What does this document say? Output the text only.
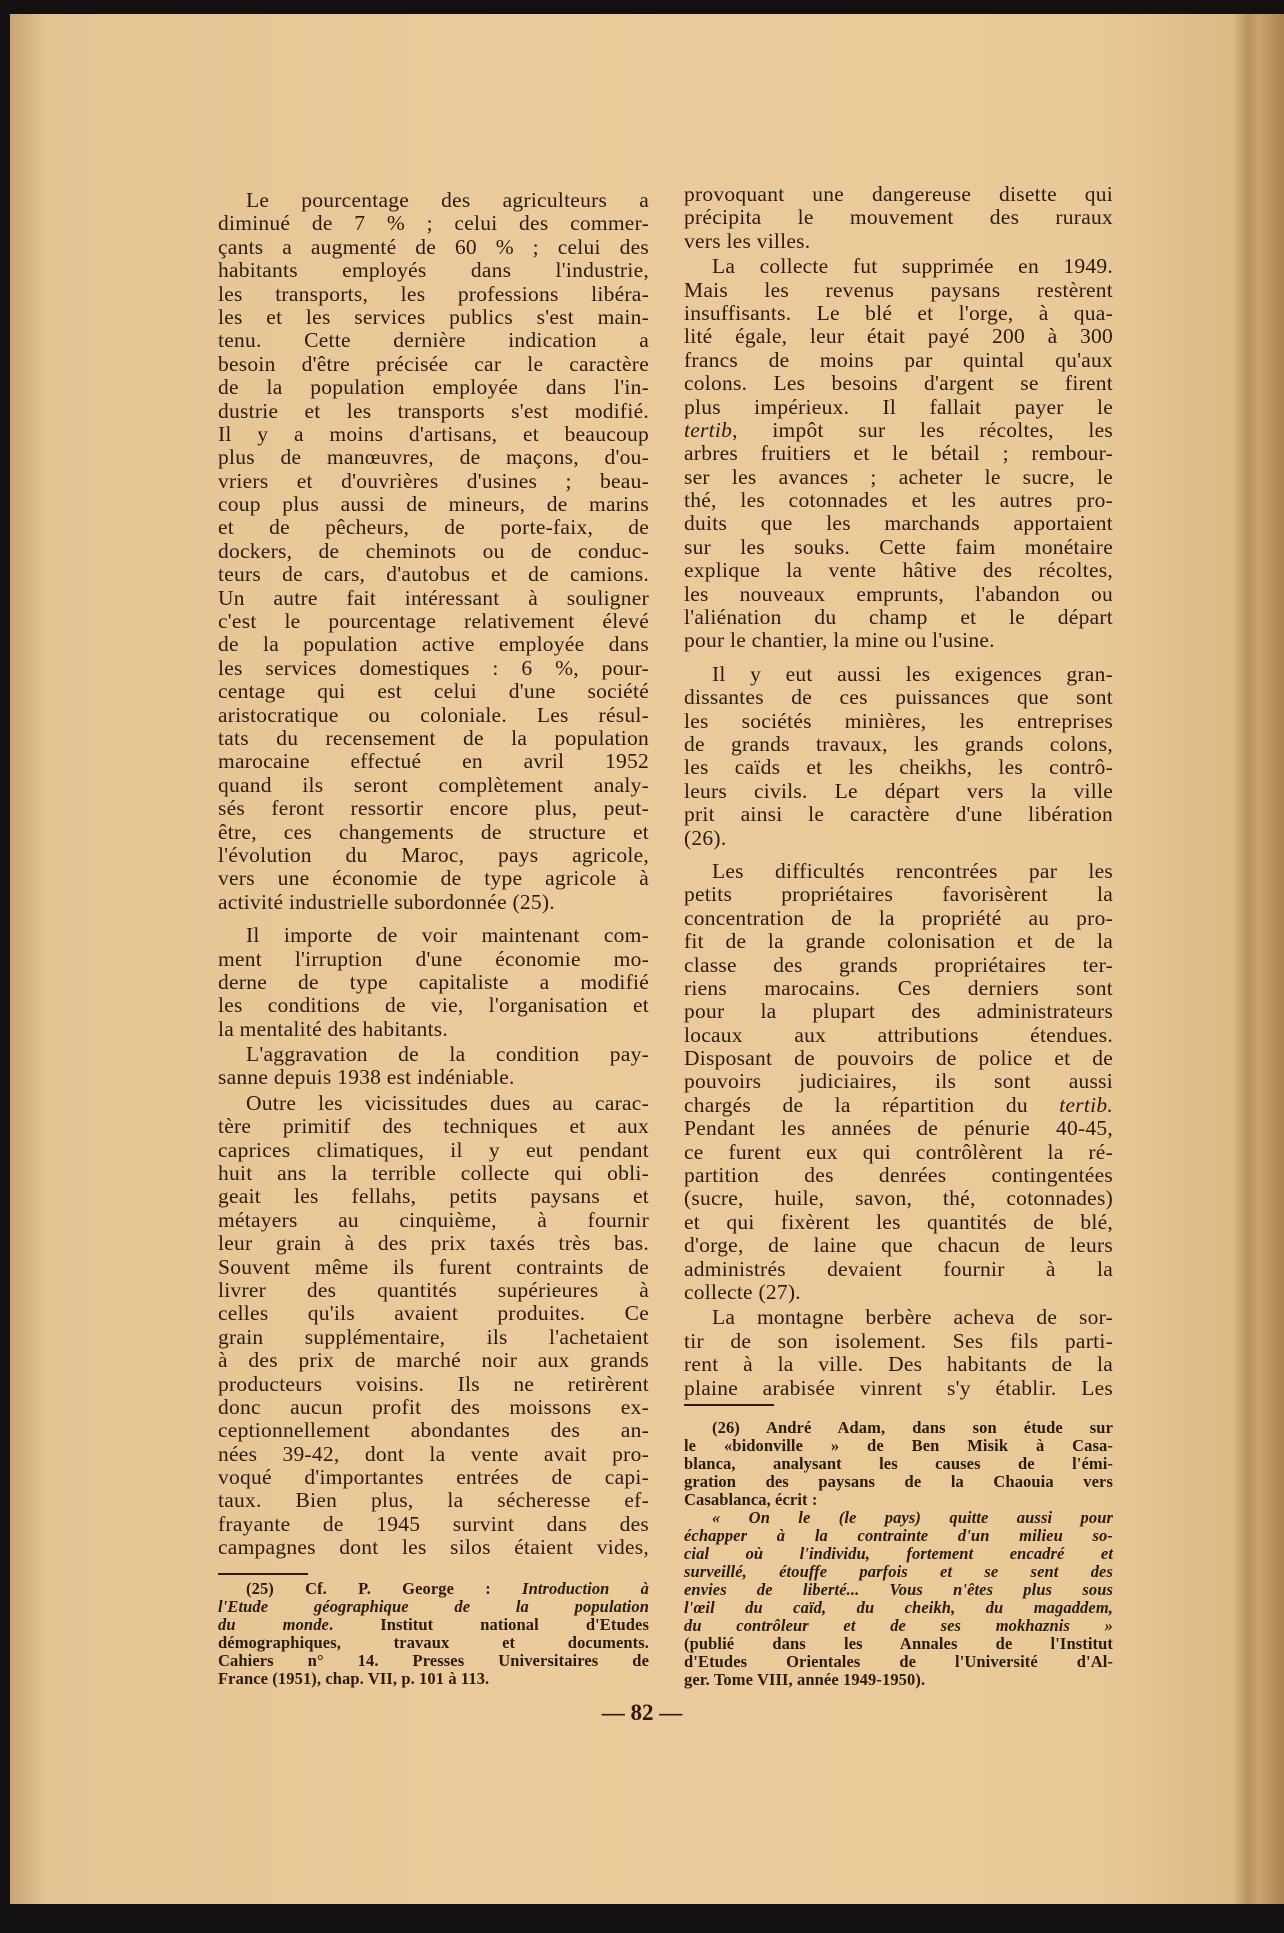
Le pourcentage des agriculteurs a
diminué de 7 % ; celui des commer-
çants a augmenté de 60 % ; celui des
habitants employés dans l'industrie,
les transports, les professions libéra-
les et les services publics s'est main-
tenu. Cette dernière indication a
besoin d'être précisée car le caractère
de la population employée dans l'in-
dustrie et les transports s'est modifié.
Il y a moins d'artisans, et beaucoup
plus de manœuvres, de maçons, d'ou-
vriers et d'ouvrières d'usines ; beau-
coup plus aussi de mineurs, de marins
et de pêcheurs, de porte-faix, de
dockers, de cheminots ou de conduc-
teurs de cars, d'autobus et de camions.
Un autre fait intéressant à souligner
c'est le pourcentage relativement élevé
de la population active employée dans
les services domestiques : 6 %, pour-
centage qui est celui d'une société
aristocratique ou coloniale. Les résul-
tats du recensement de la population
marocaine effectué en avril 1952
quand ils seront complètement analy-
sés feront ressortir encore plus, peut-
être, ces changements de structure et
l'évolution du Maroc, pays agricole,
vers une économie de type agricole à
activité industrielle subordonnée (25).
Il importe de voir maintenant com-
ment l'irruption d'une économie mo-
derne de type capitaliste a modifié
les conditions de vie, l'organisation et
la mentalité des habitants.
L'aggravation de la condition pay-
sanne depuis 1938 est indéniable.
Outre les vicissitudes dues au carac-
tère primitif des techniques et aux
caprices climatiques, il y eut pendant
huit ans la terrible collecte qui obli-
geait les fellahs, petits paysans et
métayers au cinquième, à fournir
leur grain à des prix taxés très bas.
Souvent même ils furent contraints de
livrer des quantités supérieures à
celles qu'ils avaient produites. Ce
grain supplémentaire, ils l'achetaient
à des prix de marché noir aux grands
producteurs voisins. Ils ne retirèrent
donc aucun profit des moissons ex-
ceptionnellement abondantes des an-
nées 39-42, dont la vente avait pro-
voqué d'importantes entrées de capi-
taux. Bien plus, la sécheresse ef-
frayante de 1945 survint dans des
campagnes dont les silos étaient vides,
(25) Cf. P. George : Introduction à
l'Etude géographique de la population
du monde. Institut national d'Etudes
démographiques, travaux et documents.
Cahiers n° 14. Presses Universitaires de
France (1951), chap. VII, p. 101 à 113.
provoquant une dangereuse disette qui
précipita le mouvement des ruraux
vers les villes.
La collecte fut supprimée en 1949.
Mais les revenus paysans restèrent
insuffisants. Le blé et l'orge, à qua-
lité égale, leur était payé 200 à 300
francs de moins par quintal qu'aux
colons. Les besoins d'argent se firent
plus impérieux. Il fallait payer le
tertib, impôt sur les récoltes, les
arbres fruitiers et le bétail ; rembour-
ser les avances ; acheter le sucre, le
thé, les cotonnades et les autres pro-
duits que les marchands apportaient
sur les souks. Cette faim monétaire
explique la vente hâtive des récoltes,
les nouveaux emprunts, l'abandon ou
l'aliénation du champ et le départ
pour le chantier, la mine ou l'usine.
Il y eut aussi les exigences gran-
dissantes de ces puissances que sont
les sociétés minières, les entreprises
de grands travaux, les grands colons,
les caïds et les cheikhs, les contrô-
leurs civils. Le départ vers la ville
prit ainsi le caractère d'une libération
(26).
Les difficultés rencontrées par les
petits propriétaires favorisèrent la
concentration de la propriété au pro-
fit de la grande colonisation et de la
classe des grands propriétaires ter-
riens marocains. Ces derniers sont
pour la plupart des administrateurs
locaux aux attributions étendues.
Disposant de pouvoirs de police et de
pouvoirs judiciaires, ils sont aussi
chargés de la répartition du tertib.
Pendant les années de pénurie 40-45,
ce furent eux qui contrôlèrent la ré-
partition des denrées contingentées
(sucre, huile, savon, thé, cotonnades)
et qui fixèrent les quantités de blé,
d'orge, de laine que chacun de leurs
administrés devaient fournir à la
collecte (27).
La montagne berbère acheva de sor-
tir de son isolement. Ses fils parti-
rent à la ville. Des habitants de la
plaine arabisée vinrent s'y établir. Les
(26) André Adam, dans son étude sur
le «bidonville » de Ben Misik à Casa-
blanca, analysant les causes de l'émi-
gration des paysans de la Chaouia vers
Casablanca, écrit :
« On le (le pays) quitte aussi pour
échapper à la contrainte d'un milieu so-
cial où l'individu, fortement encadré et
surveillé, étouffe parfois et se sent des
envies de liberté... Vous n'êtes plus sous
l'œil du caïd, du cheikh, du magaddem,
du contrôleur et de ses mokhaznis »
(publié dans les Annales de l'Institut
d'Etudes Orientales de l'Université d'Al-
ger. Tome VIII, année 1949-1950).
— 82 —
